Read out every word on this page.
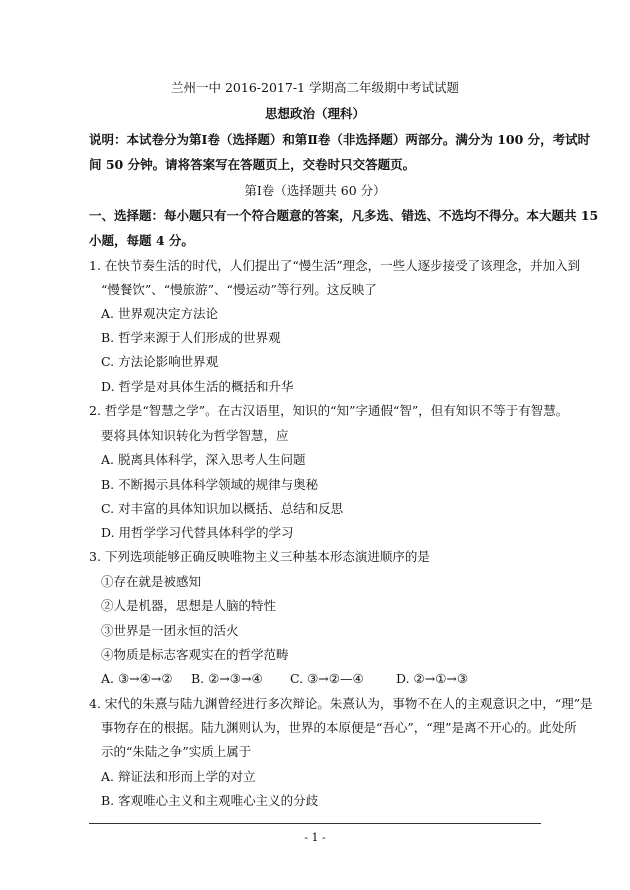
兰州一中 2016-2017-1 学期高二年级期中考试试题
思想政治（理科）
说明：本试卷分为第Ⅰ卷（选择题）和第Ⅱ卷（非选择题）两部分。满分为 100 分，考试时
间 50 分钟。请将答案写在答题页上，交卷时只交答题页。
第Ⅰ卷（选择题共 60 分）
一、选择题：每小题只有一个符合题意的答案，凡多选、错选、不选均不得分。本大题共 15
小题，每题 4 分。
1. 在快节奏生活的时代，人们提出了“慢生活”理念，一些人逐步接受了该理念，并加入到
“慢餐饮”、“慢旅游”、“慢运动”等行列。这反映了
A. 世界观决定方法论
B. 哲学来源于人们形成的世界观
C. 方法论影响世界观
D. 哲学是对具体生活的概括和升华
2. 哲学是“智慧之学”。在古汉语里，知识的“知”字通假“智”，但有知识不等于有智慧。
要将具体知识转化为哲学智慧，应
A. 脱离具体科学，深入思考人生问题
B. 不断揭示具体科学领域的规律与奥秘
C. 对丰富的具体知识加以概括、总结和反思
D. 用哲学学习代替具体科学的学习
3. 下列选项能够正确反映唯物主义三种基本形态演进顺序的是
①存在就是被感知
②人是机器，思想是人脑的特性
③世界是一团永恒的活火
④物质是标志客观实在的哲学范畴
A. ③→④→② B. ②→③→④ C. ③→②—④	D. ②→①→③
4. 宋代的朱熹与陆九渊曾经进行多次辩论。朱熹认为，事物不在人的主观意识之中，“理”是
事物存在的根据。陆九渊则认为，世界的本原便是“吾心”，“理”是离不开心的。此处所
示的“朱陆之争”实质上属于
A. 辩证法和形而上学的对立
B. 客观唯心主义和主观唯心主义的分歧
- 1 -
